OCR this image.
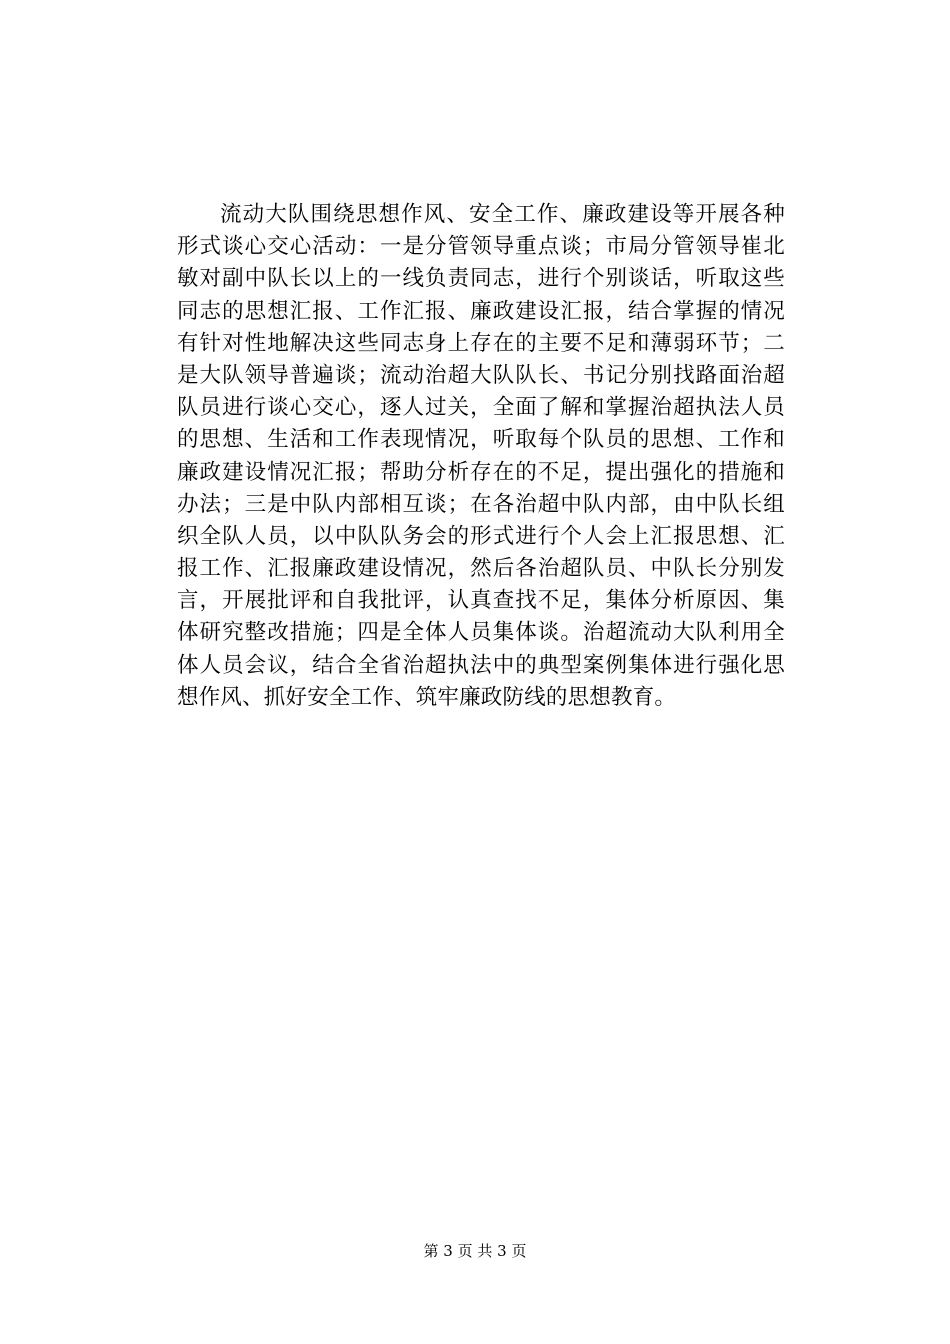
流动大队围绕思想作风、安全工作、廉政建设等开展各种
形式谈心交心活动：一是分管领导重点谈；市局分管领导崔北
敏对副中队长以上的一线负责同志，进行个别谈话，听取这些
同志的思想汇报、工作汇报、廉政建设汇报，结合掌握的情况
有针对性地解决这些同志身上存在的主要不足和薄弱环节；二
是大队领导普遍谈；流动治超大队队长、书记分别找路面治超
队员进行谈心交心，逐人过关，全面了解和掌握治超执法人员
的思想、生活和工作表现情况，听取每个队员的思想、工作和
廉政建设情况汇报；帮助分析存在的不足，提出强化的措施和
办法；三是中队内部相互谈；在各治超中队内部，由中队长组
织全队人员，以中队队务会的形式进行个人会上汇报思想、汇
报工作、汇报廉政建设情况，然后各治超队员、中队长分别发
言，开展批评和自我批评，认真查找不足，集体分析原因、集
体研究整改措施；四是全体人员集体谈。治超流动大队利用全
体人员会议，结合全省治超执法中的典型案例集体进行强化思
想作风、抓好安全工作、筑牢廉政防线的思想教育。
第 3 页 共 3 页
